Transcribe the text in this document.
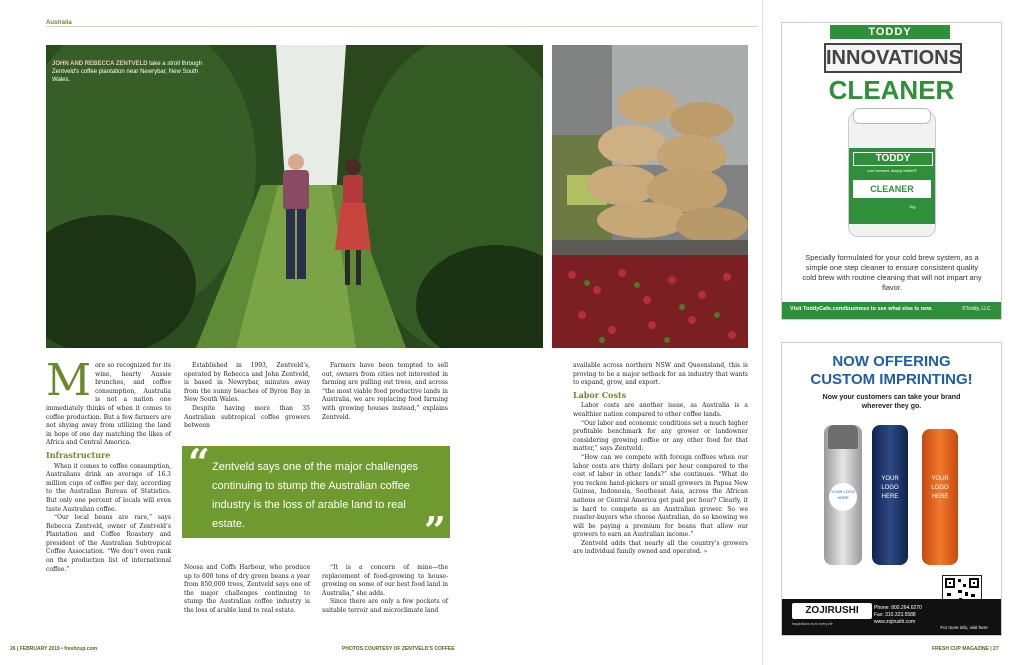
Australia
JOHN AND REBECCA ZENTVELD take a stroll through Zentveld's coffee plantation near Newrybar, New South Wales.
M ore so recognized for its wine, hearty Aussie brunches, and coffee consumption, Australia is not a nation one immediately thinks of when it comes to coffee production. But a few farmers are not shying away from utilizing the land in hope of one day matching the likes of Africa and Central America.

Infrastructure

When it comes to coffee consumption, Australians drink an average of 16.3 million cups of coffee per day, according to the Australian Bureau of Statistics. But only one percent of locals will even taste Australian coffee.

“Our local beans are rare,” says Rebecca Zentveld, owner of Zentveld’s Plantation and Coffee Roastery and president of the Australian Subtropical Coffee Association. “We don’t even rank on the production list of international coffee.”

Established in 1993, Zentveld’s, operated by Rebecca and John Zentveld, is based in Newrybar, minutes away from the sunny beaches of Byron Bay in New South Wales.

Despite having more than 35 Australian subtropical coffee growers between

Noosa and Coffs Harbour, who produce up to 600 tons of dry green beans a year from 850,000 trees, Zentveld says one of the major challenges continuing to stump the Australian coffee industry is the loss of arable land to real estate.

Farmers have been tempted to sell out, owners from cities not interested in farming are pulling out trees, and across “the most viable food productive lands in Australia, we are replacing food farming with growing houses instead,” explains Zentveld.

“It is a concern of mine—the replacement of food-growing to house-growing on some of our best food land in Australia,” she adds.

Since there are only a few pockets of suitable terroir and microclimate land

“ Zentveld says one of the major challenges continuing to stump the Australian coffee industry is the loss of arable land to real estate.	”

available across northern NSW and Queensland, this is proving to be a major setback for an industry that wants to expand, grow, and export.

Labor Costs

Labor costs are another issue, as Australia is a wealthier nation compared to other coffee lands.

“Our labor and economic conditions set a much higher profitable benchmark for any grower or landowner considering growing coffee or any other food for that matter,” says Zentveld.

“How can we compete with foreign coffees when our labor costs are thirty dollars per hour compared to the cost of labor in other lands?” she continues. “What do you reckon hand-pickers or small growers in Papua New Guinea, Indonesia, Southeast Asia, across the African nations or Central America get paid per hour? Clearly, it is hard to compete as an Australian grower. So we roaster-buyers who choose Australian, do so knowing we will be paying a premium for beans that allow our growers to earn an Australian income.”

Zentveld adds that nearly all the country’s growers are individual family owned and operated. »

26 | FEBRUARY 2019 • freshcup.com	PHOTOS COURTESY OF ZENTVELD’S COFFEE	FRESH CUP MAGAZINE | 27
TODDY
INNOVATIONS
CLEANER
TODDY
cold brewed. simply better®
CLEANER
1kg
Specially formulated for your cold brew system, as a simple one step cleaner to ensure consistent quality cold brew with routine cleaning that will not impart any flavor.
Visit ToddyCafe.com/business to see what else is new.	©Toddy, LLC
NOW OFFERING
CUSTOM IMPRINTING!
Now your customers can take your brand wherever they go.
YOUR LOGO HERE
YOUR LOGO HERE
YOUR LOGO HERE
ZOJIRUSHI
Inspirations from every life
Phone: 800.264.6270
Fax: 310.323.5588
www.zojirushi.com
For more info, visit here
